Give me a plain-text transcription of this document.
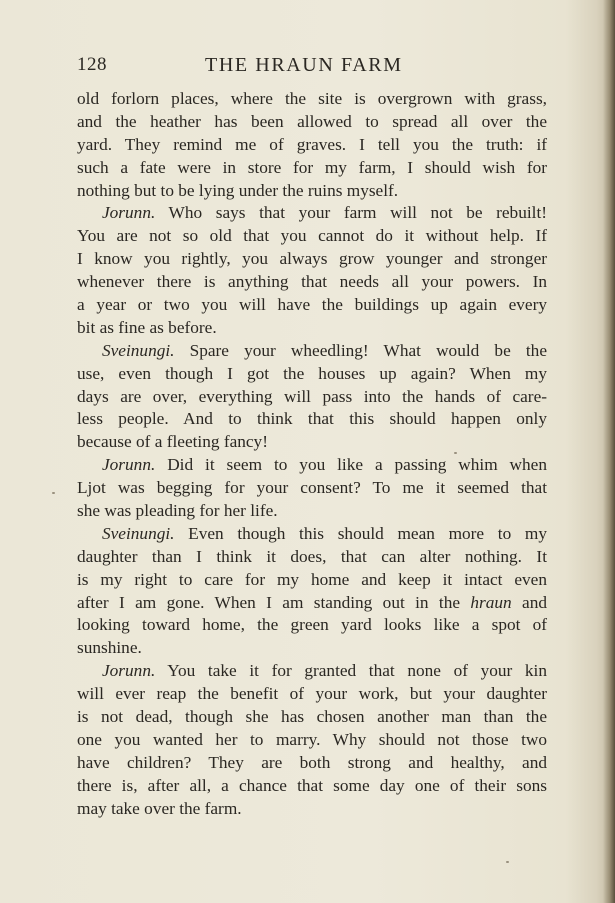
128	THE HRAUN FARM
old forlorn places, where the site is overgrown with grass,
and the heather has been allowed to spread all over the
yard. They remind me of graves. I tell you the truth: if
such a fate were in store for my farm, I should wish for
nothing but to be lying under the ruins myself.
Jorunn. Who says that your farm will not be rebuilt!
You are not so old that you cannot do it without help. If
I know you rightly, you always grow younger and stronger
whenever there is anything that needs all your powers. In
a year or two you will have the buildings up again every
bit as fine as before.
Sveinungi. Spare your wheedling! What would be the
use, even though I got the houses up again? When my
days are over, everything will pass into the hands of care-
less people. And to think that this should happen only
because of a fleeting fancy!
Jorunn. Did it seem to you like a passing whim when
Ljot was begging for your consent? To me it seemed that
she was pleading for her life.
Sveinungi. Even though this should mean more to my
daughter than I think it does, that can alter nothing. It
is my right to care for my home and keep it intact even
after I am gone. When I am standing out in the hraun and
looking toward home, the green yard looks like a spot of
sunshine.
Jorunn. You take it for granted that none of your kin
will ever reap the benefit of your work, but your daughter
is not dead, though she has chosen another man than the
one you wanted her to marry. Why should not those two
have children? They are both strong and healthy, and
there is, after all, a chance that some day one of their sons
may take over the farm.
